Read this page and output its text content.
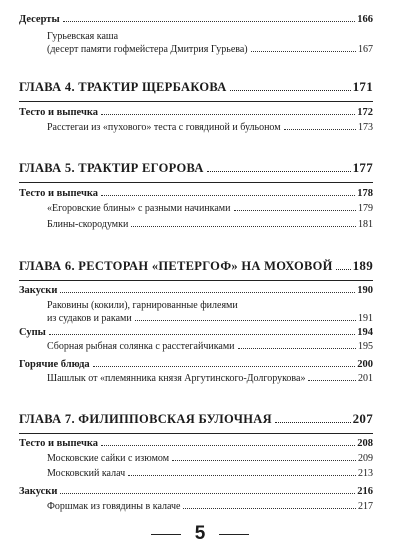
Десерты	166
Гурьевская каша
(десерт памяти гофмейстера Дмитрия Гурьева)	167
ГЛАВА 4. ТРАКТИР ЩЕРБАКОВА	171
Тесто и выпечка	172
Расстегаи из «пухового» теста с говядиной и бульоном	173
ГЛАВА 5. ТРАКТИР ЕГОРОВА	177
Тесто и выпечка	178
«Егоровские блины» с разными начинками	179
Блины-скородумки	181
ГЛАВА 6. РЕСТОРАН «ПЕТЕРГОФ» НА МОХОВОЙ 189
Закуски	190
Раковины (кокили), гарнированные филеями
из судаков и раками	191
Супы	194
Сборная рыбная солянка с расстегайчиками	195
Горячие блюда	200
Шашлык от «племянника князя Аргутинского-Долгорукова»	201
ГЛАВА 7. ФИЛИППОВСКАЯ БУЛОЧНАЯ	207
Тесто и выпечка	208
Московские сайки с изюмом	209
Московский калач	213
Закуски	216
Форшмак из говядины в калаче	217
5
